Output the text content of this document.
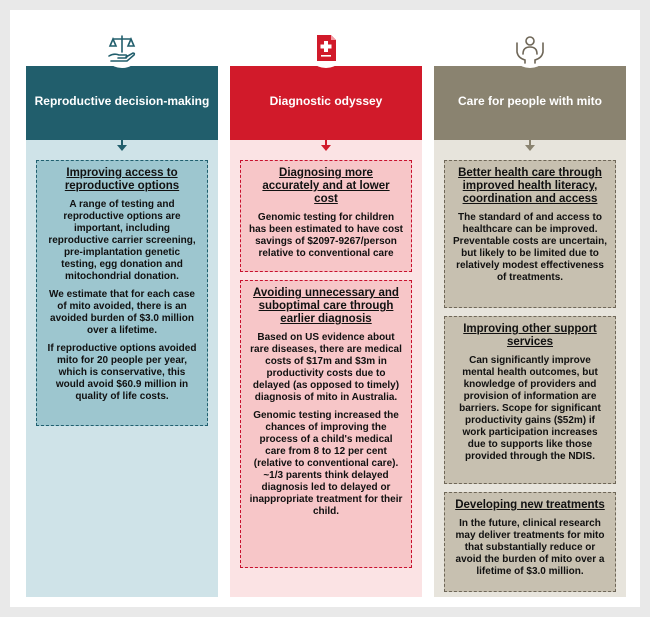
Reproductive decision-making
Improving access to reproductive options

A range of testing and reproductive options are important, including reproductive carrier screening, pre-implantation genetic testing, egg donation and mitochondrial donation.

We estimate that for each case of mito avoided, there is an avoided burden of $3.0 million over a lifetime.

If reproductive options avoided mito for 20 people per year, which is conservative, this would avoid $60.9 million in quality of life costs.

Diagnostic odyssey
Diagnosing more accurately and at lower cost

Genomic testing for children has been estimated to have cost savings of $2097-9267/person relative to conventional care

Avoiding unnecessary and suboptimal care through earlier diagnosis

Based on US evidence about rare diseases, there are medical costs of $17m and $3m in productivity costs due to delayed (as opposed to timely) diagnosis of mito in Australia.

Genomic testing increased the chances of improving the process of a child's medical care from 8 to 12 per cent (relative to conventional care). ~1/3 parents think delayed diagnosis led to delayed or inappropriate treatment for their child.

Care for people with mito
Better health care through improved health literacy, coordination and access

The standard of and access to healthcare can be improved. Preventable costs are uncertain, but likely to be limited due to relatively modest effectiveness of treatments.

Improving other support services

Can significantly improve mental health outcomes, but knowledge of providers and provision of information are barriers. Scope for significant productivity gains ($52m) if work participation increases due to supports like those provided through the NDIS.

Developing new treatments

In the future, clinical research may deliver treatments for mito that substantially reduce or avoid the burden of mito over a lifetime of $3.0 million.
